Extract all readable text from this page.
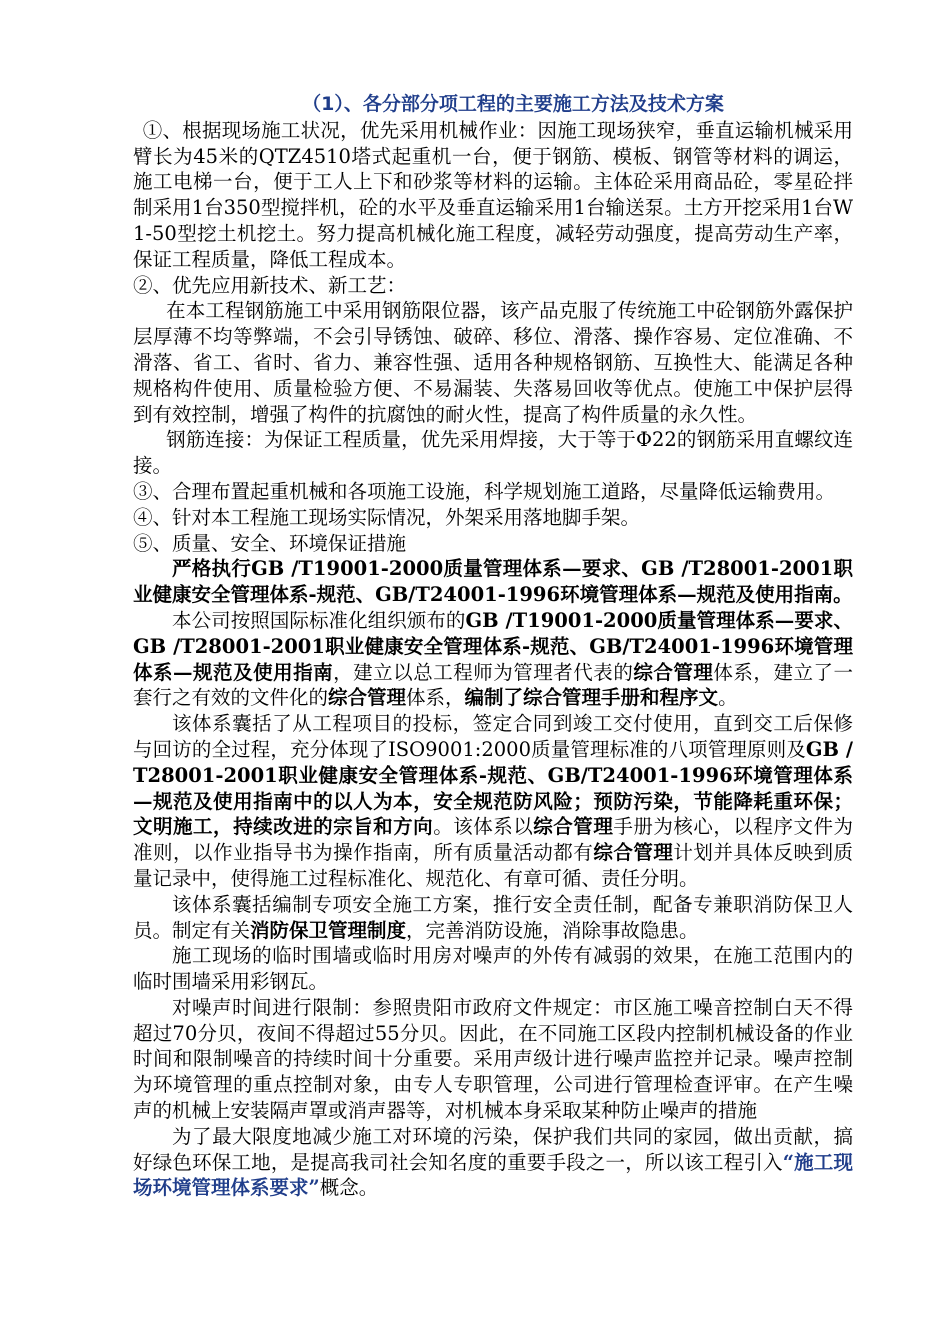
（1）、各分部分项工程的主要施工方法及技术方案

①、根据现场施工状况，优先采用机械作业：因施工现场狭窄，垂直运输机械采用臂长为45米的QTZ4510塔式起重机一台，便于钢筋、模板、钢管等材料的调运，施工电梯一台，便于工人上下和砂浆等材料的运输。主体砼采用商品砼，零星砼拌制采用1台350型搅拌机，砼的水平及垂直运输采用1台输送泵。土方开挖采用1台W1-50型挖土机挖土。努力提高机械化施工程度，减轻劳动强度，提高劳动生产率，保证工程质量，降低工程成本。

②、优先应用新技术、新工艺：

在本工程钢筋施工中采用钢筋限位器，该产品克服了传统施工中砼钢筋外露保护层厚薄不均等弊端，不会引导锈蚀、破碎、移位、滑落、操作容易、定位准确、不滑落、省工、省时、省力、兼容性强、适用各种规格钢筋、互换性大、能满足各种规格构件使用、质量检验方便、不易漏装、失落易回收等优点。使施工中保护层得到有效控制，增强了构件的抗腐蚀的耐火性，提高了构件质量的永久性。

钢筋连接：为保证工程质量，优先采用焊接，大于等于Φ22的钢筋采用直螺纹连接。

③、合理布置起重机械和各项施工设施，科学规划施工道路，尽量降低运输费用。

④、针对本工程施工现场实际情况，外架采用落地脚手架。

⑤、质量、安全、环境保证措施

严格执行GB /T19001-2000质量管理体系—要求、GB /T28001-2001职业健康安全管理体系-规范、GB/T24001-1996环境管理体系—规范及使用指南。

本公司按照国际标准化组织颁布的GB /T19001-2000质量管理体系—要求、GB /T28001-2001职业健康安全管理体系-规范、GB/T24001-1996环境管理体系—规范及使用指南，建立以总工程师为管理者代表的综合管理体系，建立了一套行之有效的文件化的综合管理体系，编制了综合管理手册和程序文。

该体系囊括了从工程项目的投标，签定合同到竣工交付使用，直到交工后保修与回访的全过程，充分体现了ISO9001:2000质量管理标准的八项管理原则及GB /T28001-2001职业健康安全管理体系-规范、GB/T24001-1996环境管理体系—规范及使用指南中的以人为本，安全规范防风险；预防污染，节能降耗重环保；文明施工，持续改进的宗旨和方向。该体系以综合管理手册为核心，以程序文件为准则，以作业指导书为操作指南，所有质量活动都有综合管理计划并具体反映到质量记录中，使得施工过程标准化、规范化、有章可循、责任分明。

该体系囊括编制专项安全施工方案，推行安全责任制，配备专兼职消防保卫人员。制定有关消防保卫管理制度，完善消防设施，消除事故隐患。

施工现场的临时围墙或临时用房对噪声的外传有减弱的效果，在施工范围内的临时围墙采用彩钢瓦。

对噪声时间进行限制：参照贵阳市政府文件规定：市区施工噪音控制白天不得超过70分贝，夜间不得超过55分贝。因此，在不同施工区段内控制机械设备的作业时间和限制噪音的持续时间十分重要。采用声级计进行噪声监控并记录。噪声控制为环境管理的重点控制对象，由专人专职管理，公司进行管理检查评审。在产生噪声的机械上安装隔声罩或消声器等，对机械本身采取某种防止噪声的措施

为了最大限度地减少施工对环境的污染，保护我们共同的家园，做出贡献，搞好绿色环保工地，是提高我司社会知名度的重要手段之一，所以该工程引入“施工现场环境管理体系要求”概念。
